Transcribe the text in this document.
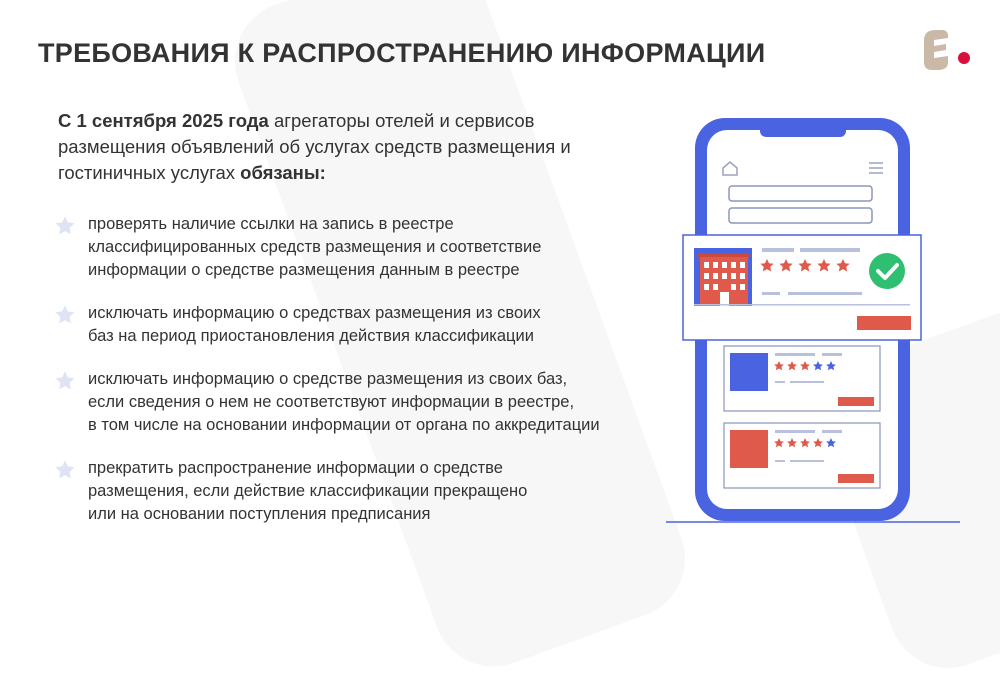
ТРЕБОВАНИЯ К РАСПРОСТРАНЕНИЮ ИНФОРМАЦИИ
С 1 сентября 2025 года агрегаторы отелей и сервисов размещения объявлений об услугах средств размещения и гостиничных услугах обязаны:

проверять наличие ссылки на запись в реестре
классифицированных средств размещения и соответствие
информации о средстве размещения данным в реестре

исключать информацию о средствах размещения из своих
баз на период приостановления действия классификации

исключать информацию о средстве размещения из своих баз,
если сведения о нем не соответствуют информации в реестре,
в том числе на основании информации от органа по аккредитации

прекратить распространение информации о средстве
размещения, если действие классификации прекращено
или на основании поступления предписания
